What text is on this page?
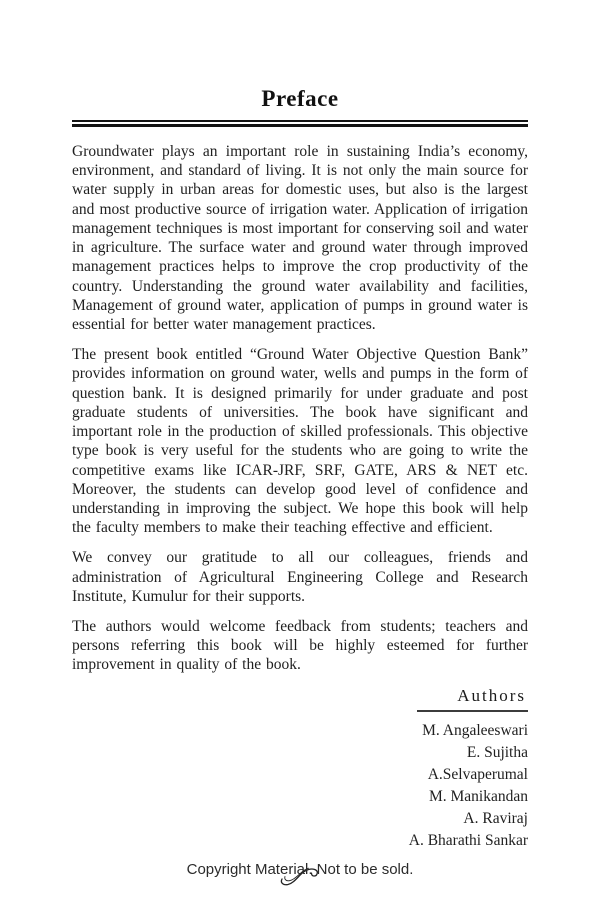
Preface

Groundwater plays an important role in sustaining India’s economy, environment, and standard of living. It is not only the main source for water supply in urban areas for domestic uses, but also is the largest and most productive source of irrigation water. Application of irrigation management techniques is most important for conserving soil and water in agriculture. The surface water and ground water through improved management practices helps to improve the crop productivity of the country. Understanding the ground water availability and facilities, Management of ground water, application of pumps in ground water is essential for better water management practices.

The present book entitled “Ground Water Objective Question Bank” provides information on ground water, wells and pumps in the form of question bank. It is designed primarily for under graduate and post graduate students of universities. The book have significant and important role in the production of skilled professionals. This objective type book is very useful for the students who are going to write the competitive exams like ICAR-JRF, SRF, GATE, ARS & NET etc. Moreover, the students can develop good level of confidence and understanding in improving the subject. We hope this book will help the faculty members to make their teaching effective and efficient.

We convey our gratitude to all our colleagues, friends and administration of Agricultural Engineering College and Research Institute, Kumulur for their supports.

The authors would welcome feedback from students; teachers and persons referring this book will be highly esteemed for further improvement in quality of the book.

Authors
M. Angaleeswari
E. Sujitha
A.Selvaperumal
M. Manikandan
A. Raviraj
A. Bharathi Sankar
Copyright Material. Not to be sold.
